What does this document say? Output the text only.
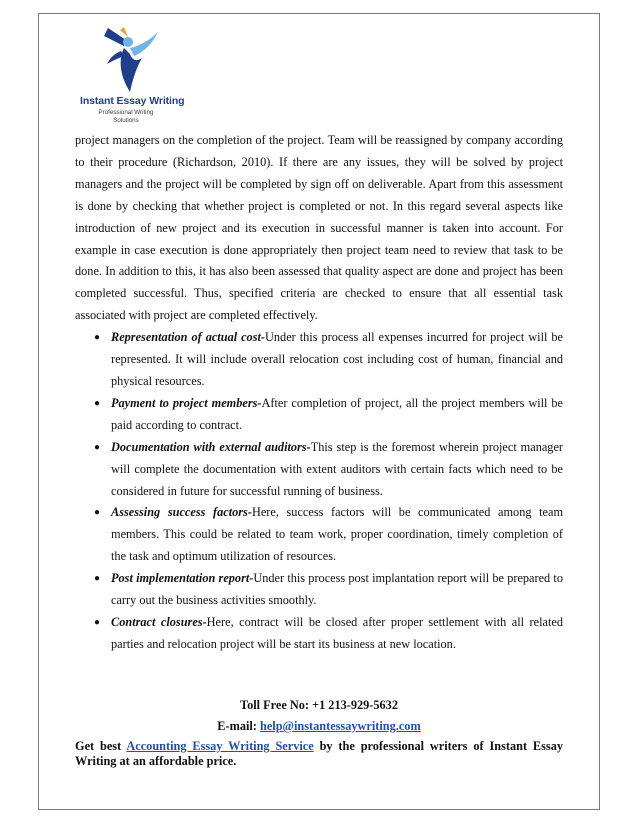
Instant Essay Writing
Professional Writing
Solutions

project managers on the completion of the project. Team will be reassigned by company according to their procedure (Richardson, 2010). If there are any issues, they will be solved by project managers and the project will be completed by sign off on deliverable. Apart from this assessment is done by checking that whether project is completed or not. In this regard several aspects like introduction of new project and its execution in successful manner is taken into account. For example in case execution is done appropriately then project team need to review that task to be done. In addition to this, it has also been assessed that quality aspect are done and project has been completed successful. Thus, specified criteria are checked to ensure that all essential task associated with project are completed effectively.

● Representation of actual cost-Under this process all expenses incurred for project will be represented. It will include overall relocation cost including cost of human, financial and physical resources.
● Payment to project members-After completion of project, all the project members will be paid according to contract.
● Documentation with external auditors-This step is the foremost wherein project manager will complete the documentation with extent auditors with certain facts which need to be considered in future for successful running of business.
● Assessing success factors-Here, success factors will be communicated among team members. This could be related to team work, proper coordination, timely completion of the task and optimum utilization of resources.
● Post implementation report-Under this process post implantation report will be prepared to carry out the business activities smoothly.
● Contract closures-Here, contract will be closed after proper settlement with all related parties and relocation project will be start its business at new location.
Toll Free No: +1 213-929-5632
E-mail: help@instantessaywriting.com
Get best Accounting Essay Writing Service by the professional writers of Instant Essay Writing at an affordable price.
